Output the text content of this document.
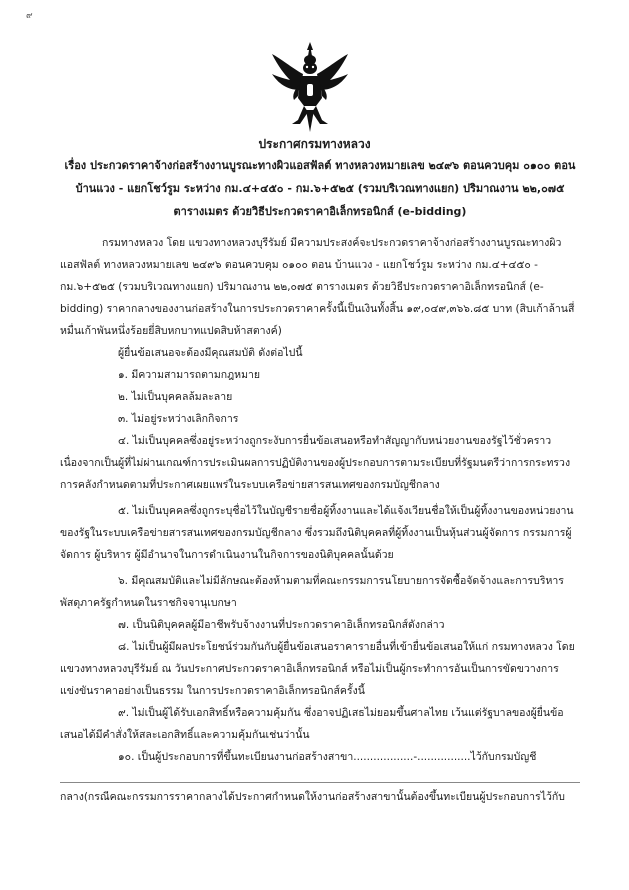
๙
ประกาศกรมทางหลวง
เรื่อง ประกวดราคาจ้างก่อสร้างงานบูรณะทางผิวแอสฟัลต์ ทางหลวงหมายเลข ๒๔๙๖ ตอนควบคุม ๐๑๐๐ ตอน บ้านแวง - แยกโชว์รูม ระหว่าง กม.๔+๔๕๐ - กม.๖+๕๒๕ (รวมบริเวณทางแยก) ปริมาณงาน ๒๒,๐๗๕ ตารางเมตร ด้วยวิธีประกวดราคาอิเล็กทรอนิกส์ (e-bidding)

กรมทางหลวง โดย แขวงทางหลวงบุรีรัมย์ มีความประสงค์จะประกวดราคาจ้างก่อสร้างงานบูรณะทางผิวแอสฟัลต์ ทางหลวงหมายเลข ๒๔๙๖ ตอนควบคุม ๐๑๐๐ ตอน บ้านแวง - แยกโชว์รูม ระหว่าง กม.๔+๔๕๐ - กม.๖+๕๒๕ (รวมบริเวณทางแยก) ปริมาณงาน ๒๒,๐๗๕ ตารางเมตร ด้วยวิธีประกวดราคาอิเล็กทรอนิกส์ (e-bidding) ราคากลางของงานก่อสร้างในการประกวดราคาครั้งนี้เป็นเงินทั้งสิ้น ๑๙,๐๔๙,๓๖๖.๘๕ บาท (สิบเก้าล้านสี่หมื่นเก้าพันหนึ่งร้อยยี่สิบหกบาทแปดสิบห้าสตางค์)

ผู้ยื่นข้อเสนอจะต้องมีคุณสมบัติ ดังต่อไปนี้

๑. มีความสามารถตามกฎหมาย

๒. ไม่เป็นบุคคลล้มละลาย

๓. ไม่อยู่ระหว่างเลิกกิจการ

๔. ไม่เป็นบุคคลซึ่งอยู่ระหว่างถูกระงับการยื่นข้อเสนอหรือทำสัญญากับหน่วยงานของรัฐไว้ชั่วคราว เนื่องจากเป็นผู้ที่ไม่ผ่านเกณฑ์การประเมินผลการปฏิบัติงานของผู้ประกอบการตามระเบียบที่รัฐมนตรีว่าการกระทรวงการคลังกำหนดตามที่ประกาศเผยแพร่ในระบบเครือข่ายสารสนเทศของกรมบัญชีกลาง

๕. ไม่เป็นบุคคลซึ่งถูกระบุชื่อไว้ในบัญชีรายชื่อผู้ทิ้งงานและได้แจ้งเวียนชื่อให้เป็นผู้ทิ้งงานของหน่วยงานของรัฐในระบบเครือข่ายสารสนเทศของกรมบัญชีกลาง ซึ่งรวมถึงนิติบุคคลที่ผู้ทิ้งงานเป็นหุ้นส่วนผู้จัดการ กรรมการผู้จัดการ ผู้บริหาร ผู้มีอำนาจในการดำเนินงานในกิจการของนิติบุคคลนั้นด้วย

๖. มีคุณสมบัติและไม่มีลักษณะต้องห้ามตามที่คณะกรรมการนโยบายการจัดซื้อจัดจ้างและการบริหารพัสดุภาครัฐกำหนดในราชกิจจานุเบกษา

๗. เป็นนิติบุคคลผู้มีอาชีพรับจ้างงานที่ประกวดราคาอิเล็กทรอนิกส์ดังกล่าว

๘. ไม่เป็นผู้มีผลประโยชน์ร่วมกันกับผู้ยื่นข้อเสนอราคารายอื่นที่เข้ายื่นข้อเสนอให้แก่ กรมทางหลวง โดย แขวงทางหลวงบุรีรัมย์ ณ วันประกาศประกวดราคาอิเล็กทรอนิกส์ หรือไม่เป็นผู้กระทำการอันเป็นการขัดขวางการแข่งขันราคาอย่างเป็นธรรม ในการประกวดราคาอิเล็กทรอนิกส์ครั้งนี้

๙. ไม่เป็นผู้ได้รับเอกสิทธิ์หรือความคุ้มกัน ซึ่งอาจปฏิเสธไม่ยอมขึ้นศาลไทย เว้นแต่รัฐบาลของผู้ยื่นข้อเสนอได้มีคำสั่งให้สละเอกสิทธิ์และความคุ้มกันเช่นว่านั้น

๑๐. เป็นผู้ประกอบการที่ขึ้นทะเบียนงานก่อสร้างสาขา..................-................ไว้กับกรมบัญชี

กลาง(กรณีคณะกรรมการราคากลางได้ประกาศกำหนดให้งานก่อสร้างสาขานั้นต้องขึ้นทะเบียนผู้ประกอบการไว้กับ
